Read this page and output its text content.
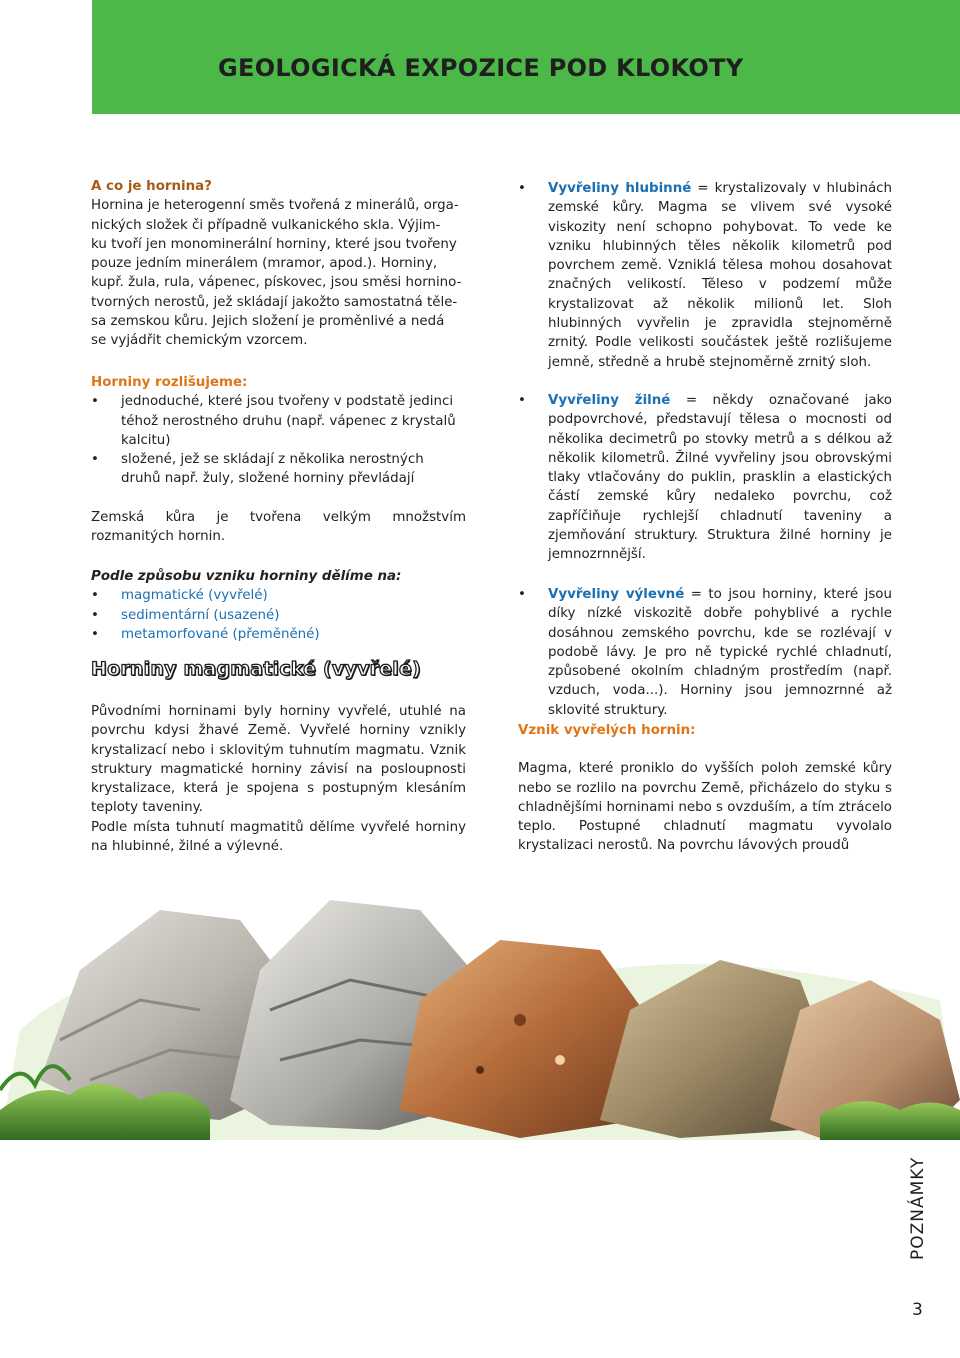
GEOLOGICKÁ EXPOZICE POD KLOKOTY

A co je hornina?

Hornina je heterogenní směs tvořená z minerálů, orga-

nických složek či případně vulkanického skla. Výjim-

ku tvoří jen monominerální horniny, které jsou tvořeny

pouze jedním minerálem (mramor, apod.). Horniny,

kupř. žula, rula, vápenec, pískovec, jsou směsi hornino-

tvorných nerostů, jež skládají jakožto samostatná těle-

sa zemskou kůru. Jejich složení je proměnlivé a nedá

se vyjádřit chemickým vzorcem.

Horniny rozlišujeme:

• jednoduché, které jsou tvořeny v podstatě jedinci téhož nerostného druhu (např. vápenec z krystalů kalcitu)
• složené, jež se skládají z několika nerostných druhů např. žuly, složené horniny převládají

Zemská kůra je tvořena velkým množstvím rozmanitých hornin.

Podle způsobu vzniku horniny dělíme na:

• magmatické (vyvřelé)
• sedimentární (usazené)
• metamorfované (přeměněné)

Horniny magmatické (vyvřelé)

Původními horninami byly horniny vyvřelé, utuhlé na povrchu kdysi žhavé Země. Vyvřelé horniny vznikly krystalizací nebo i sklovitým tuhnutím magmatu. Vznik struktury magmatické horniny závisí na posloupnosti krystalizace, která je spojena s postupným klesáním teploty taveniny.

Podle místa tuhnutí magmatitů dělíme vyvřelé horniny na hlubinné, žilné a výlevné.

• Vyvřeliny hlubinné = krystalizovaly v hlubinách zemské kůry. Magma se vlivem své vysoké viskozity není schopno pohybovat. To vede ke vzniku hlubinných těles několik kilometrů pod povrchem země. Vzniklá tělesa mohou dosahovat značných velikostí. Těleso v podzemí může krystalizovat až několik milionů let. Sloh hlubinných vyvřelin je zpravidla stejnoměrně zrnitý. Podle velikosti součástek ještě rozlišujeme jemně, středně a hrubě stejnoměrně zrnitý sloh.
• Vyvřeliny žilné = někdy označované jako podpovrchové, představují tělesa o mocnosti od několika decimetrů po stovky metrů a s délkou až několik kilometrů. Žilné vyvřeliny jsou obrovskými tlaky vtlačovány do puklin, prasklin a elastických částí zemské kůry nedaleko povrchu, což zapříčiňuje rychlejší chladnutí taveniny a zjemňování struktury. Struktura žilné horniny je jemnozrnnější.
• Vyvřeliny výlevné = to jsou horniny, které jsou díky nízké viskozitě dobře pohyblivé a rychle dosáhnou zemského povrchu, kde se rozlévají v podobě lávy. Je pro ně typické rychlé chladnutí, způsobené okolním chladným prostředím (např. vzduch, voda...). Horniny jsou jemnozrnné až sklovité struktury.

Vznik vyvřelých hornin:

Magma, které proniklo do vyšších poloh zemské kůry nebo se rozlilo na povrchu Země, přicházelo do styku s chladnějšími horninami nebo s ovzduším, a tím ztrácelo teplo. Postupné chladnutí magmatu vyvolalo krystalizaci nerostů. Na povrchu lávových proudů

POZNÁMKY
3
